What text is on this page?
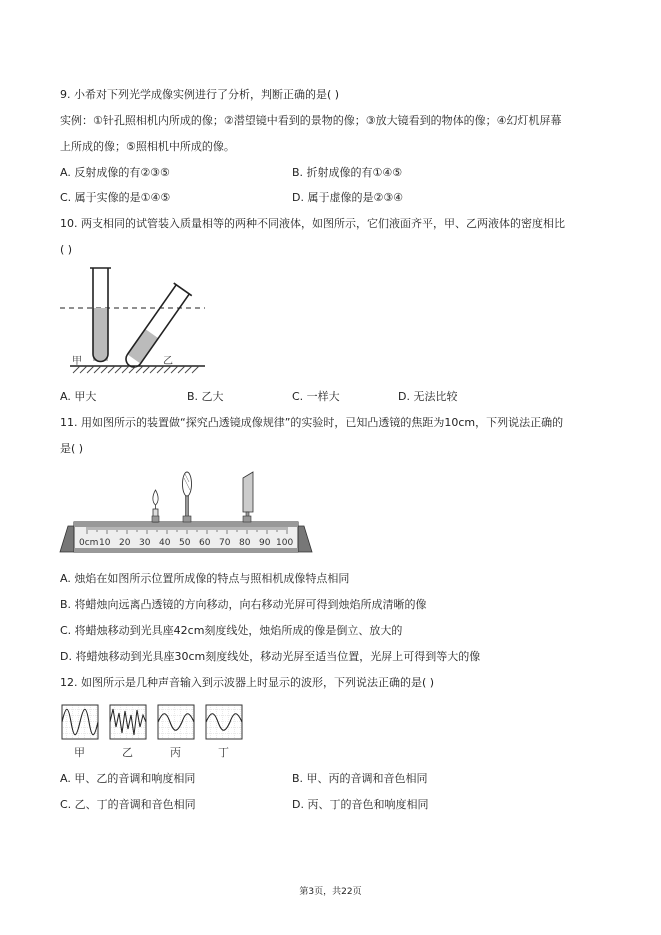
9. 小希对下列光学成像实例进行了分析，判断正确的是( )
实例：①针孔照相机内所成的像；②潜望镜中看到的景物的像；③放大镜看到的物体的像；④幻灯机屏幕
上所成的像；⑤照相机中所成的像。
A. 反射成像的有②③⑤	B. 折射成像的有①④⑤
C. 属于实像的是①④⑤	D. 属于虚像的是②③④
10. 两支相同的试管装入质量相等的两种不同液体，如图所示，它们液面齐平，甲、乙两液体的密度相比
( )
甲	乙
A. 甲大	B. 乙大	C. 一样大	D. 无法比较
11. 用如图所示的装置做“探究凸透镜成像规律”的实验时，已知凸透镜的焦距为10cm，下列说法正确的
是( )
0cm 10 20 30 40 50 60 70 80 90 100
A. 烛焰在如图所示位置所成像的特点与照相机成像特点相同
B. 将蜡烛向远离凸透镜的方向移动，向右移动光屏可得到烛焰所成清晰的像
C. 将蜡烛移动到光具座42cm刻度线处，烛焰所成的像是倒立、放大的
D. 将蜡烛移动到光具座30cm刻度线处，移动光屏至适当位置，光屏上可得到等大的像
12. 如图所示是几种声音输入到示波器上时显示的波形，下列说法正确的是( )
甲	乙	丙	丁
A. 甲、乙的音调和响度相同	B. 甲、丙的音调和音色相同
C. 乙、丁的音调和音色相同	D. 丙、丁的音色和响度相同
第3页，共22页
